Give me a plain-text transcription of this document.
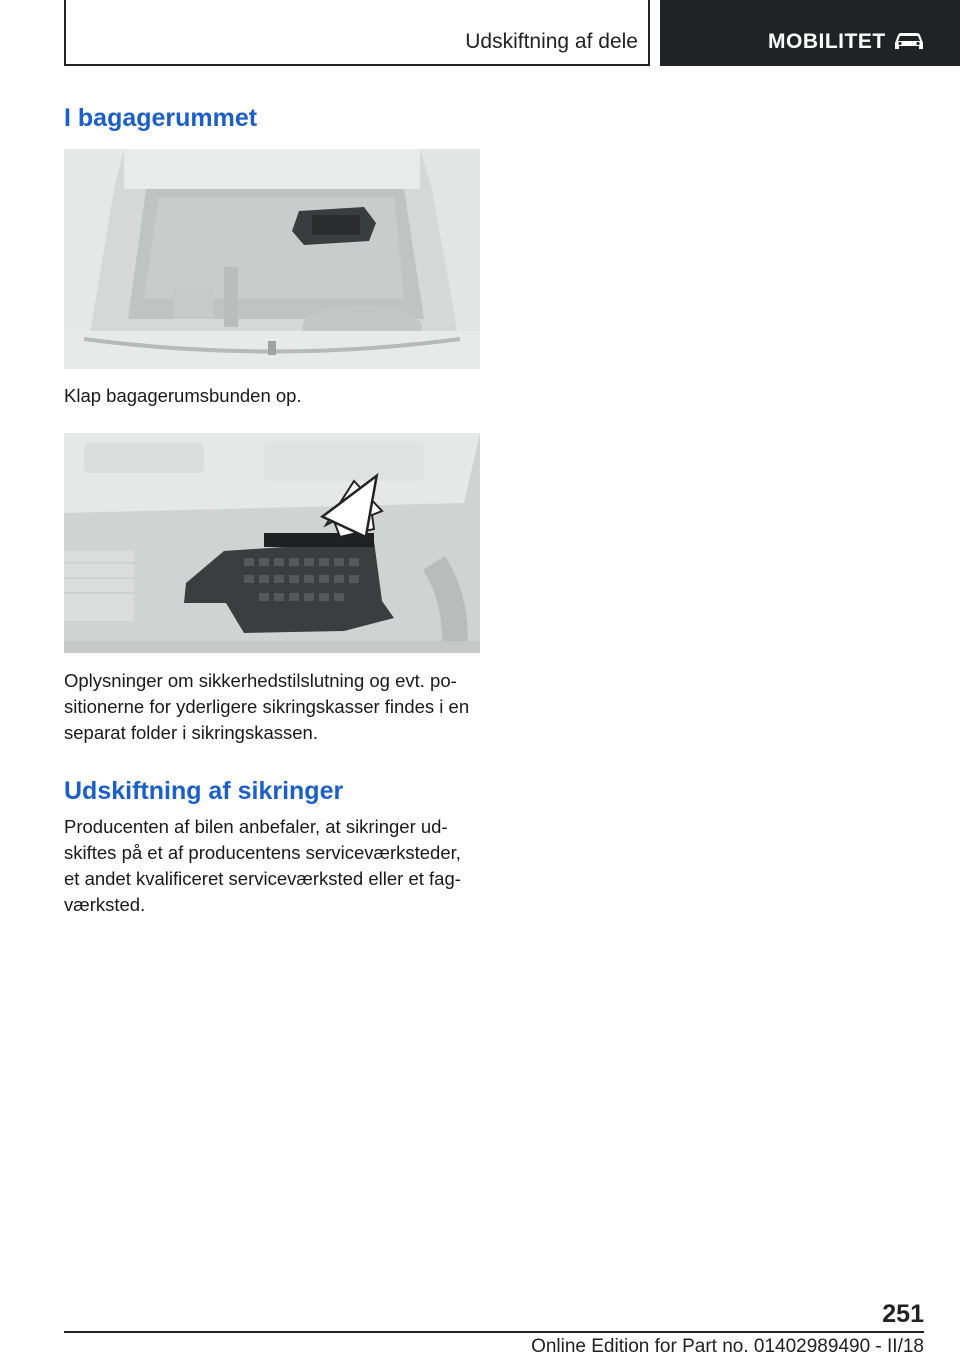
Udskiftning af dele	MOBILITET
I bagagerummet

Klap bagagerumsbunden op.

Oplysninger om sikkerhedstilslutning og evt. po-
sitionerne for yderligere sikringskasser findes i en
separat folder i sikringskassen.

Udskiftning af sikringer

Producenten af bilen anbefaler, at sikringer ud-
skiftes på et af producentens serviceværksteder,
et andet kvalificeret serviceværksted eller et fag-
værksted.

251
Online Edition for Part no. 01402989490 - II/18
